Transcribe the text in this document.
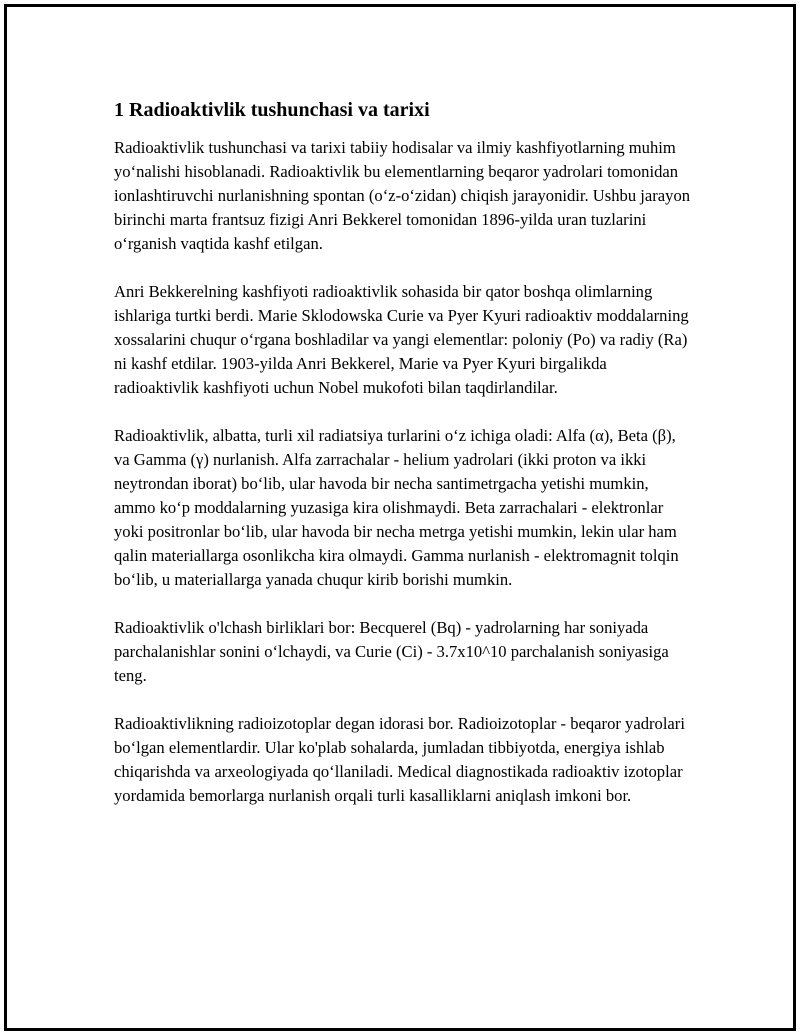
1 Radioaktivlik tushunchasi va tarixi

Radioaktivlik tushunchasi va tarixi tabiiy hodisalar va ilmiy kashfiyotlarning muhim yo‘nalishi hisoblanadi. Radioaktivlik bu elementlarning beqaror yadrolari tomonidan ionlashtiruvchi nurlanishning spontan (o‘z-o‘zidan) chiqish jarayonidir. Ushbu jarayon birinchi marta frantsuz fizigi Anri Bekkerel tomonidan 1896-yilda uran tuzlarini o‘rganish vaqtida kashf etilgan.

Anri Bekkerelning kashfiyoti radioaktivlik sohasida bir qator boshqa olimlarning ishlariga turtki berdi. Marie Sklodowska Curie va Pyer Kyuri radioaktiv moddalarning xossalarini chuqur o‘rgana boshladilar va yangi elementlar: poloniy (Po) va radiy (Ra) ni kashf etdilar. 1903-yilda Anri Bekkerel, Marie va Pyer Kyuri birgalikda radioaktivlik kashfiyoti uchun Nobel mukofoti bilan taqdirlandilar.

Radioaktivlik, albatta, turli xil radiatsiya turlarini o‘z ichiga oladi: Alfa (α), Beta (β), va Gamma (γ) nurlanish. Alfa zarrachalar - helium yadrolari (ikki proton va ikki neytrondan iborat) bo‘lib, ular havoda bir necha santimetrgacha yetishi mumkin, ammo ko‘p moddalarning yuzasiga kira olishmaydi. Beta zarrachalari - elektronlar yoki positronlar bo‘lib, ular havoda bir necha metrga yetishi mumkin, lekin ular ham qalin materiallarga osonlikcha kira olmaydi. Gamma nurlanish - elektromagnit tolqin bo‘lib, u materiallarga yanada chuqur kirib borishi mumkin.

Radioaktivlik o'lchash birliklari bor: Becquerel (Bq) - yadrolarning har soniyada parchalanishlar sonini o‘lchaydi, va Curie (Ci) - 3.7x10^10 parchalanish soniyasiga teng.

Radioaktivlikning radioizotoplar degan idorasi bor. Radioizotoplar - beqaror yadrolari bo‘lgan elementlardir. Ular ko'plab sohalarda, jumladan tibbiyotda, energiya ishlab chiqarishda va arxeologiyada qo‘llaniladi. Medical diagnostikada radioaktiv izotoplar yordamida bemorlarga nurlanish orqali turli kasalliklarni aniqlash imkoni bor.
